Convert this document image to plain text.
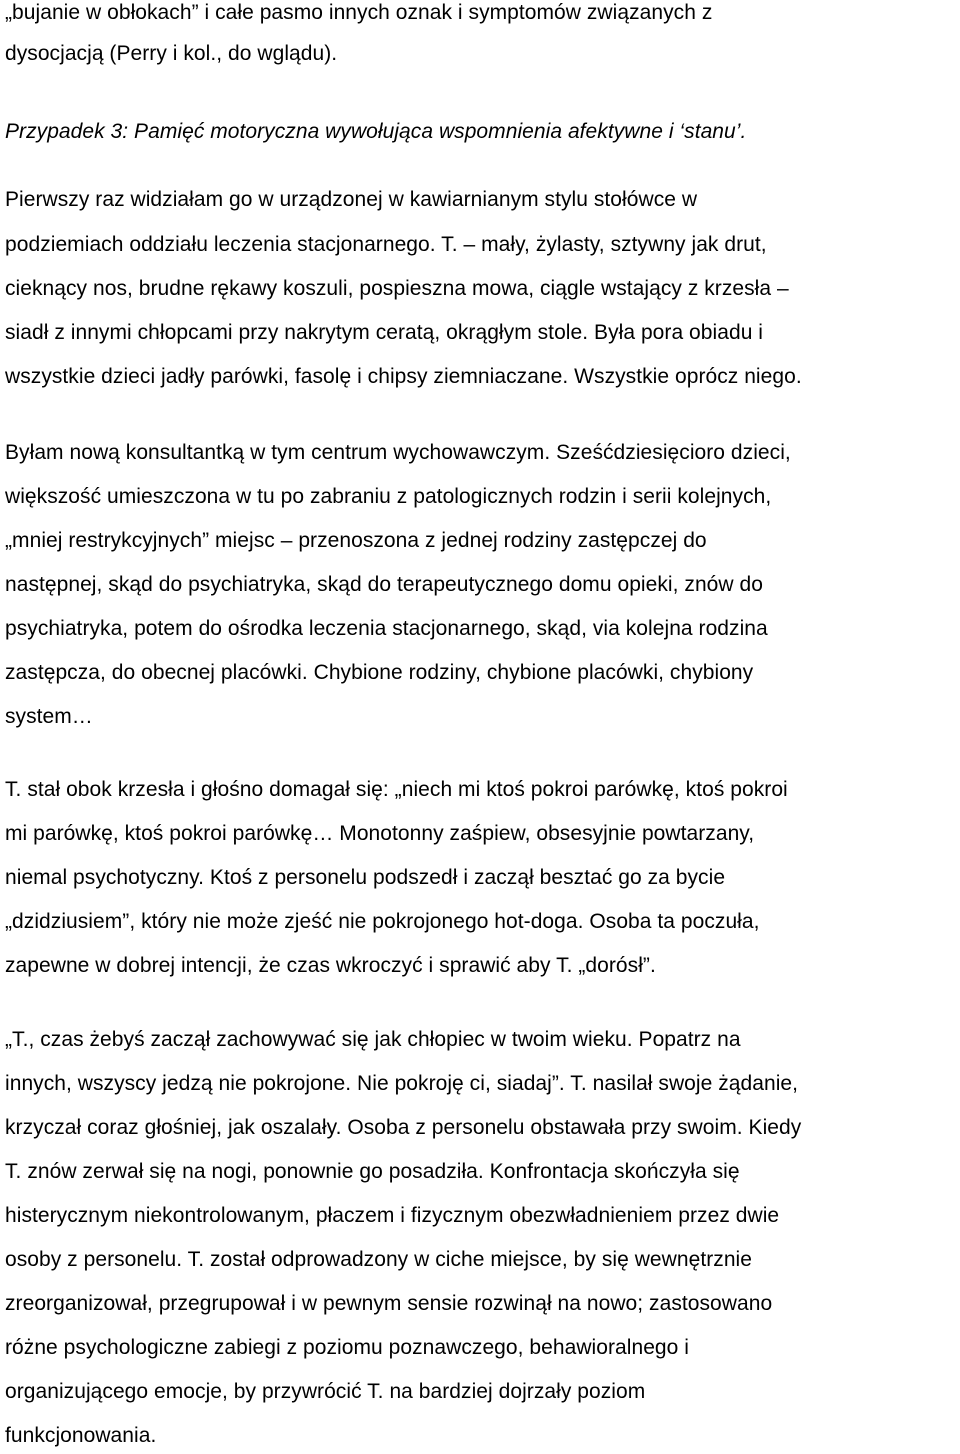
„bujanie w obłokach” i całe pasmo innych oznak i symptomów związanych z
dysocjacją (Perry i kol., do wglądu).
Przypadek 3: Pamięć motoryczna wywołująca wspomnienia afektywne i ‘stanu’.
Pierwszy raz widziałam go w urządzonej w kawiarnianym stylu stołówce w
podziemiach oddziału leczenia stacjonarnego. T. – mały, żylasty, sztywny jak drut,
cieknący nos, brudne rękawy koszuli, pospieszna mowa, ciągle wstający z krzesła –
siadł z innymi chłopcami przy nakrytym ceratą, okrągłym stole. Była pora obiadu i
wszystkie dzieci jadły parówki, fasolę i chipsy ziemniaczane. Wszystkie oprócz niego.
Byłam nową konsultantką w tym centrum wychowawczym. Sześćdziesięcioro dzieci,
większość umieszczona w tu po zabraniu z patologicznych rodzin i serii kolejnych,
„mniej restrykcyjnych” miejsc – przenoszona z jednej rodziny zastępczej do
następnej, skąd do psychiatryka, skąd do terapeutycznego domu opieki, znów do
psychiatryka, potem do ośrodka leczenia stacjonarnego, skąd, via kolejna rodzina
zastępcza, do obecnej placówki. Chybione rodziny, chybione placówki, chybiony
system…
T. stał obok krzesła i głośno domagał się: „niech mi ktoś pokroi parówkę, ktoś pokroi
mi parówkę, ktoś pokroi parówkę… Monotonny zaśpiew, obsesyjnie powtarzany,
niemal psychotyczny. Ktoś z personelu podszedł i zaczął besztać go za bycie
„dzidziusiem”, który nie może zjeść nie pokrojonego hot-doga. Osoba ta poczuła,
zapewne w dobrej intencji, że czas wkroczyć i sprawić aby T. „dorósł”.
„T., czas żebyś zaczął zachowywać się jak chłopiec w twoim wieku. Popatrz na
innych, wszyscy jedzą nie pokrojone. Nie pokroję ci, siadaj”. T. nasilał swoje żądanie,
krzyczał coraz głośniej, jak oszalały. Osoba z personelu obstawała przy swoim. Kiedy
T. znów zerwał się na nogi, ponownie go posadziła. Konfrontacja skończyła się
histerycznym niekontrolowanym, płaczem i fizycznym obezwładnieniem przez dwie
osoby z personelu. T. został odprowadzony w ciche miejsce, by się wewnętrznie
zreorganizował, przegrupował i w pewnym sensie rozwinął na nowo; zastosowano
różne psychologiczne zabiegi z poziomu poznawczego, behawioralnego i
organizującego emocje, by przywrócić T. na bardziej dojrzały poziom
funkcjonowania.
